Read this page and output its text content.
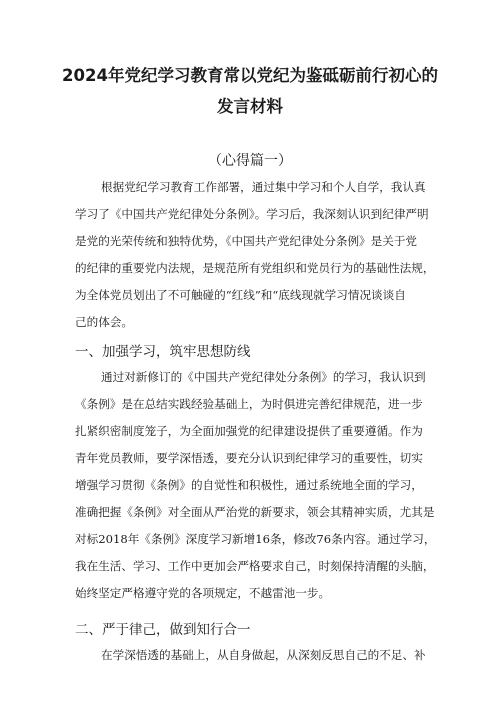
2024年党纪学习教育常以党纪为鉴砥砺前行初心的
发言材料
（心得篇一）
根据党纪学习教育工作部署，通过集中学习和个人自学，我认真
学习了《中国共产党纪律处分条例》。学习后，我深刻认识到纪律严明
是党的光荣传统和独特优势，《中国共产党纪律处分条例》是关于党
的纪律的重要党内法规，是规范所有党组织和党员行为的基础性法规，
为全体党员划出了不可触碰的“红线”和“底线现就学习情况谈谈自
己的体会。
一、加强学习，筑牢思想防线
通过对新修订的《中国共产党纪律处分条例》的学习，我认识到
《条例》是在总结实践经验基础上，为时俱进完善纪律规范，进一步
扎紧织密制度笼子，为全面加强党的纪律建设提供了重要遵循。作为
青年党员教师，要学深悟透，要充分认识到纪律学习的重要性，切实
增强学习贯彻《条例》的自觉性和积极性，通过系统地全面的学习，
准确把握《条例》对全面从严治党的新要求，领会其精神实质，尤其是
对标2018年《条例》深度学习新增16条，修改76条内容。通过学习，
我在生活、学习、工作中更加会严格要求自己，时刻保持清醒的头脑，
始终坚定严格遵守党的各项规定，不越雷池一步。
二、严于律己，做到知行合一
在学深悟透的基础上，从自身做起，从深刻反思自己的不足、补
